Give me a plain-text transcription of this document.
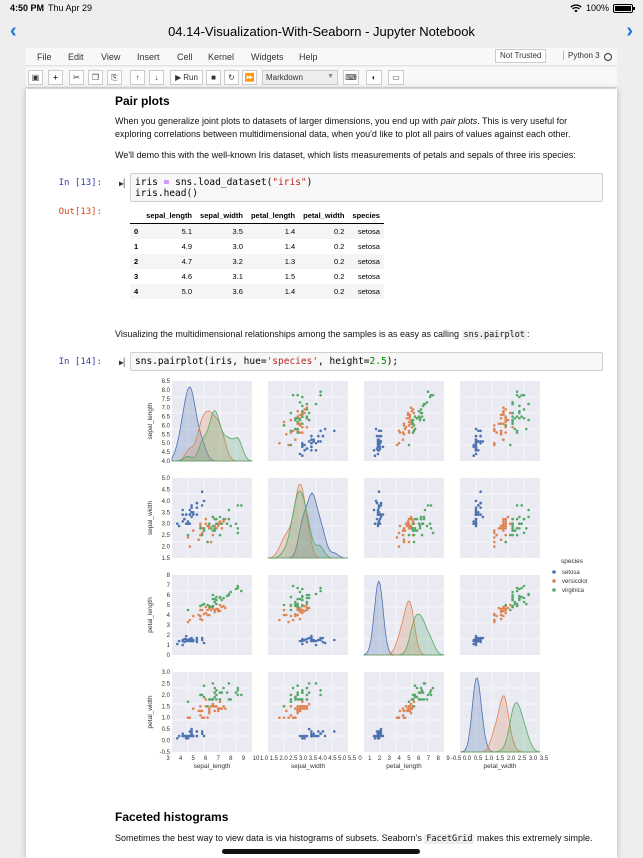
4:50 PM Thu Apr 29	100%
‹	04.14-Visualization-With-Seaborn - Jupyter Notebook	›
File Edit View Insert Cell Kernel Widgets Help	Not Trusted	Python 3
▣ + ✂ ❐ ⎘ ↑ ↓ ▶ Run ■ ↻ ⏩	Markdown	▼ ⌨ ◐ ▭
Pair plots
When you generalize joint plots to datasets of larger dimensions, you end up with pair plots. This is very useful for exploring correlations between multidimensional data, when you'd like to plot all pairs of values against each other.
We'll demo this with the well-known Iris dataset, which lists measurements of petals and sepals of three iris species:
In [13]: ▶▏ iris = sns.load_dataset("iris")
iris.head()
Out[13]:
		sepal_length	sepal_width	petal_length	petal_width	species
0	5.1	3.5	1.4	0.2	setosa
1	4.9	3.0	1.4	0.2	setosa
2	4.7	3.2	1.3	0.2	setosa
3	4.6	3.1	1.5	0.2	setosa
4	5.0	3.6	1.4	0.2	setosa
Visualizing the multidimensional relationships among the samples is as easy as calling sns.pairplot :
In [14]: ▶▏ sns.pairplot(iris, hue='species', height=2.5);
4.0
4.5
5.0
5.5
6.0
6.5
7.0
7.5
8.0
8.5
sepal_length
1.5
2.0
2.5
3.0
3.5
4.0
4.5
5.0
sepal_width
0
1
2
3
4
5
6
7
8
petal_length
-0.5
0.0
0.5
1.0
1.5
2.0
2.5
3.0
petal_width
3 4 5 6 7 8 9 10
sepal_length
1.0 1.5 2.0 2.5 3.0 3.5 4.0 4.5 5.0 5.5
sepal_width
0 1 2 3 4 5 6 7 8 9
petal_length
-0.5 0.0 0.5 1.0 1.5 2.0 2.5 3.0 3.5
petal_width
species
setosa
versicolor
virginica
Faceted histograms
Sometimes the best way to view data is via histograms of subsets. Seaborn's FacetGrid makes this extremely simple.
